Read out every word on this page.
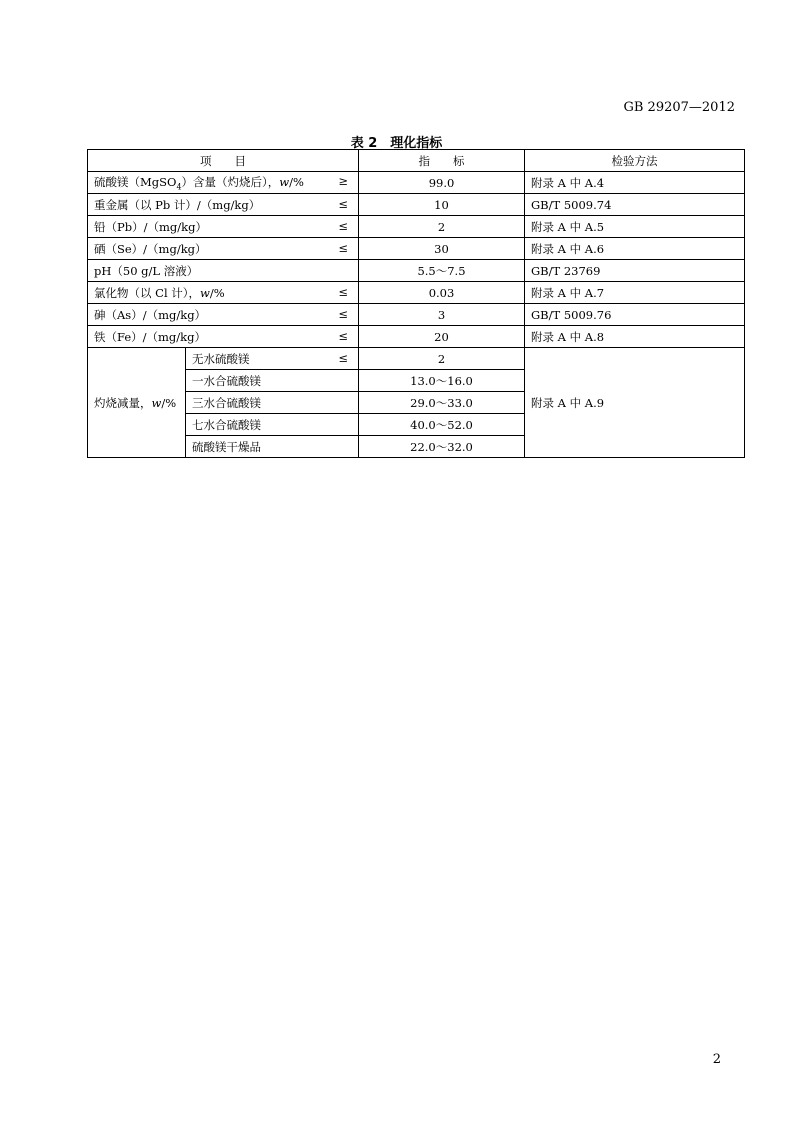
GB 29207—2012
表 2　理化指标
项　　目		指　　标	检验方法
硫酸镁（MgSO$_4$）含量（灼烧后），w/% ≥		99.0	附录 A 中 A.4
重金属（以 Pb 计）/（mg/kg） ≤		10	GB/T 5009.74
铅（Pb）/（mg/kg） ≤		2	附录 A 中 A.5
硒（Se）/（mg/kg） ≤		30	附录 A 中 A.6
pH（50 g/L 溶液）		5.5～7.5	GB/T 23769
氯化物（以 Cl 计），w/% ≤		0.03	附录 A 中 A.7
砷（As）/（mg/kg） ≤		3	GB/T 5009.76
铁（Fe）/（mg/kg） ≤		20	附录 A 中 A.8
灼烧减量，w/%	无水硫酸镁 ≤	2	附录 A 中 A.9
	一水合硫酸镁	13.0～16.0	
	三水合硫酸镁	29.0～33.0	
	七水合硫酸镁	40.0～52.0	
	硫酸镁干燥品	22.0～32.0	
2
